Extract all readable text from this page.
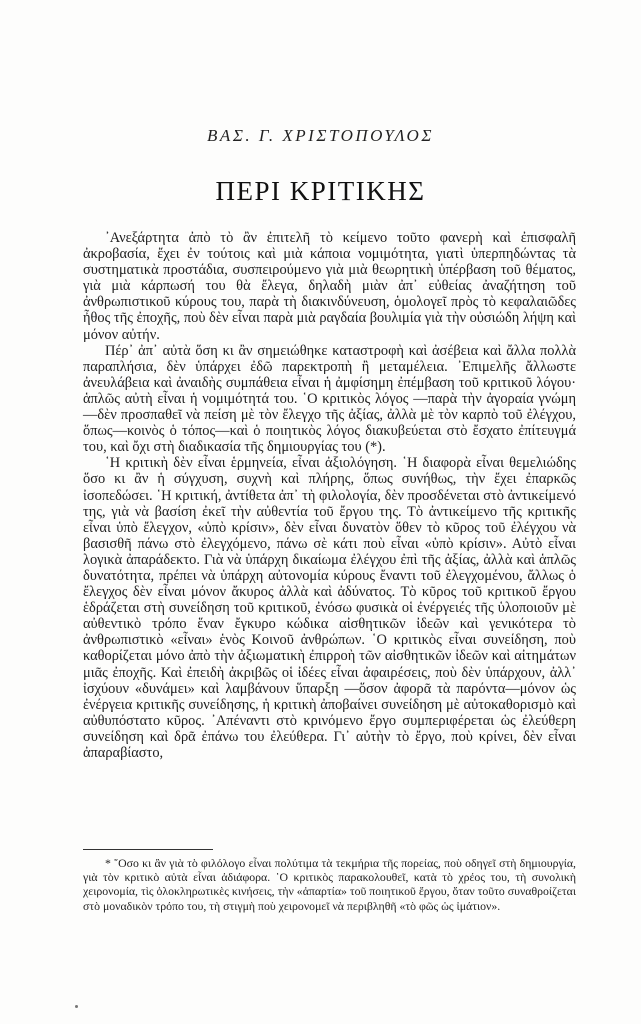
ΒΑΣ. Γ. ΧΡΙΣΤΟΠΟΥΛΟΣ
ΠΕΡΙ ΚΡΙΤΙΚΗΣ

᾿Ανεξάρτητα ἀπὸ τὸ ἂν ἐπιτελῆ τὸ κείμενο τοῦτο φανερὴ καὶ ἐπισφαλῆ ἀκροβασία, ἔχει ἐν τούτοις καὶ μιὰ κάποια νομιμότητα, γιατὶ ὑπερπηδώντας τὰ συστηματικὰ προστάδια, συσπειρούμενο γιὰ μιὰ θεωρητικὴ ὑπέρβαση τοῦ θέματος, γιὰ μιὰ κάρπωσή του θὰ ἔλεγα, δηλαδὴ μιὰν ἀπ᾿ εὐθείας ἀναζήτηση τοῦ ἀνθρωπιστικοῦ κύρους του, παρὰ τὴ διακινδύνευση, ὁμολογεῖ πρὸς τὸ κεφαλαιῶδες ἦθος τῆς ἐποχῆς, ποὺ δὲν εἶναι παρὰ μιὰ ραγδαία βουλιμία γιὰ τὴν οὐσιώδη λήψη καὶ μόνον αὐτήν.

Πέρ᾿ ἀπ᾿ αὐτὰ ὅση κι ἂν σημειώθηκε καταστροφὴ καὶ ἀσέβεια καὶ ἄλλα πολλὰ παραπλήσια, δὲν ὑπάρχει ἐδῶ παρεκτροπὴ ἢ μεταμέλεια. ᾿Επιμελῆς ἄλλωστε ἀνευλάβεια καὶ ἀναιδὴς συμπάθεια εἶναι ἡ ἀμφίσημη ἐπέμβαση τοῦ κριτικοῦ λόγου· ἁπλῶς αὐτὴ εἶναι ἡ νομιμότητά του. ῾Ο κριτικὸς λόγος —παρὰ τὴν ἀγοραία γνώμη—δὲν προσπαθεῖ νὰ πείση μὲ τὸν ἔλεγχο τῆς ἀξίας, ἀλλὰ μὲ τὸν καρπὸ τοῦ ἐλέγχου, ὅπως—κοινὸς ὁ τόπος—καὶ ὁ ποιητικὸς λόγος διακυβεύεται στὸ ἔσχατο ἐπίτευγμά του, καὶ ὄχι στὴ διαδικασία τῆς δημιουργίας του (*).

῾Η κριτικὴ δὲν εἶναι ἑρμηνεία, εἶναι ἀξιολόγηση. ῾Η διαφορὰ εἶναι θεμελιώδης ὅσο κι ἂν ἡ σύγχυση, συχνὴ καὶ πλήρης, ὅπως συνήθως, τὴν ἔχει ἐπαρκῶς ἰσοπεδώσει. ῾Η κριτική, ἀντίθετα ἀπ᾿ τὴ φιλολογία, δὲν προσδένεται στὸ ἀντικείμενό της, γιὰ νὰ βασίση ἐκεῖ τὴν αὐθεντία τοῦ ἔργου της. Τὸ ἀντικείμενο τῆς κριτικῆς εἶναι ὑπὸ ἔλεγχον, «ὑπὸ κρίσιν», δὲν εἶναι δυνατὸν ὅθεν τὸ κῦρος τοῦ ἐλέγχου νὰ βασισθῆ πάνω στὸ ἐλεγχόμενο, πάνω σὲ κάτι ποὺ εἶναι «ὑπὸ κρίσιν». Αὐτὸ εἶναι λογικὰ ἀπαράδεκτο. Γιὰ νὰ ὑπάρχη δικαίωμα ἐλέγχου ἐπὶ τῆς ἀξίας, ἀλλὰ καὶ ἁπλῶς δυνατότητα, πρέπει νὰ ὑπάρχη αὐτονομία κύρους ἔναντι τοῦ ἐλεγχομένου, ἄλλως ὁ ἔλεγχος δὲν εἶναι μόνον ἄκυρος ἀλλὰ καὶ ἀδύνατος. Τὸ κῦρος τοῦ κριτικοῦ ἔργου ἑδράζεται στὴ συνείδηση τοῦ κριτικοῦ, ἐνόσω φυσικὰ οἱ ἐνέργειές τῆς ὑλοποιοῦν μὲ αὐθεντικὸ τρόπο ἕναν ἔγκυρο κώδικα αἰσθητικῶν ἰδεῶν καὶ γενικότερα τὸ ἀνθρωπιστικὸ «εἶναι» ἑνὸς Κοινοῦ ἀνθρώπων. ῾Ο κριτικὸς εἶναι συνείδηση, ποὺ καθορίζεται μόνο ἀπὸ τὴν ἀξιωματικὴ ἐπιρροὴ τῶν αἰσθητικῶν ἰδεῶν καὶ αἰτημάτων μιᾶς ἐποχῆς. Καὶ ἐπειδὴ ἀκριβῶς οἱ ἰδέες εἶναι ἀφαιρέσεις, ποὺ δὲν ὑπάρχουν, ἀλλ᾿ ἰσχύουν «δυνάμει» καὶ λαμβάνουν ὕπαρξη —ὅσον ἀφορᾶ τὰ παρόντα—μόνον ὡς ἐνέργεια κριτικῆς συνείδησης, ἡ κριτικὴ ἀποβαίνει συνείδηση μὲ αὐτοκαθορισμὸ καὶ αὐθυπόστατο κῦρος. ᾿Απέναντι στὸ κρινόμενο ἔργο συμπεριφέρεται ὡς ἐλεύθερη συνείδηση καὶ δρᾶ ἐπάνω του ἐλεύθερα. Γι᾿ αὐτὴν τὸ ἔργο, ποὺ κρίνει, δὲν εἶναι ἀπαραβίαστο,

* ῞Οσο κι ἂν γιὰ τὸ φιλόλογο εἶναι πολύτιμα τὰ τεκμήρια τῆς πορείας, ποὺ οδηγεῖ στὴ δημιουργία, γιὰ τὸν κριτικὸ αὐτὰ εἶναι ἀδιάφορα. ῾Ο κριτικὸς παρακολουθεῖ, κατὰ τὸ χρέος του, τὴ συνολικὴ χειρονομία, τὶς ὁλοκληρωτικὲς κινήσεις, τὴν «ἀπαρτία» τοῦ ποιητικοῦ ἔργου, ὅταν τοῦτο συναθροίζεται στὸ μοναδικὸν τρόπο του, τὴ στιγμὴ ποὺ χειρονομεῖ νὰ περιβληθῆ «τὸ φῶς ὡς ἱμάτιον».
